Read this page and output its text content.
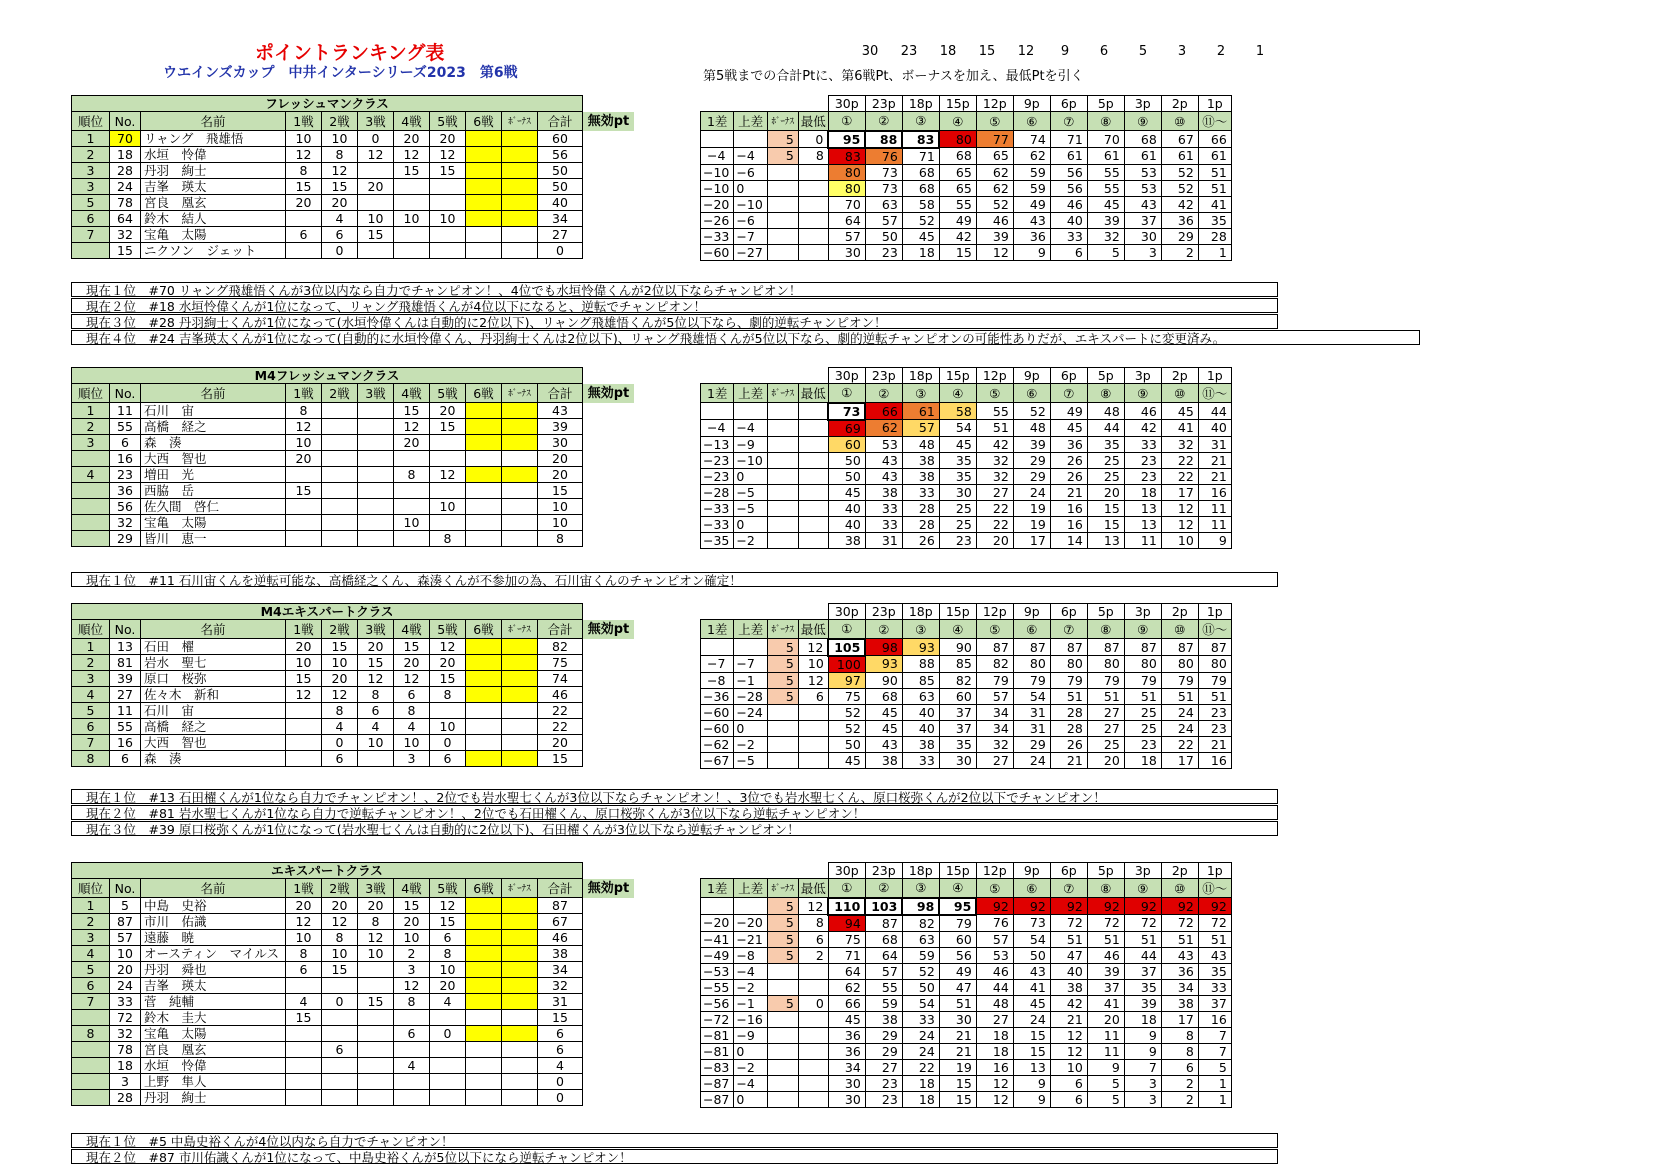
ポイントランキング表
ウエインズカップ　中井インターシリーズ2023　第6戦
30	23	18	15	12	9	6	5	3	2	1
第5戦までの合計Ptに、第6戦Pt、ボーナスを加え、最低Ptを引く
フレッシュマンクラス											
順位	No.	名前	1戦	2戦	3戦	4戦	5戦	6戦	ﾎﾞｰﾅｽ	合計	無効pt
1	70	リャング　飛雄悟	10	10	0	20	20			60	
2	18	水垣　怜偉	12	8	12	12	12			56	
3	28	丹羽　絢士	8	12		15	15			50	
3	24	吉峯　瑛太	15	15	20					50	
5	78	宮良　凰玄	20	20						40	
6	64	鈴木　結人		4	10	10	10			34	
7	32	宝亀　太陽	6	6	15					27	
	15	ニクソン　ジェット		0						0	
				30p	23p	18p	15p	12p	9p	6p	5p	3p	2p	1p
1差	上差	ﾎﾞｰﾅｽ	最低	①	②	③	④	⑤	⑥	⑦	⑧	⑨	⑩	⑪～
		5	0	95	88	83	80	77	74	71	70	68	67	66
−4	−4	5	8	83	76	71	68	65	62	61	61	61	61	61
−10	−6			80	73	68	65	62	59	56	55	53	52	51
−10	0			80	73	68	65	62	59	56	55	53	52	51
−20	−10			70	63	58	55	52	49	46	45	43	42	41
−26	−6			64	57	52	49	46	43	40	39	37	36	35
−33	−7			57	50	45	42	39	36	33	32	30	29	28
−60	−27			30	23	18	15	12	9	6	5	3	2	1
現在１位　#70 リャング飛雄悟くんが3位以内なら自力でチャンピオン！、4位でも水垣怜偉くんが2位以下ならチャンピオン！
現在２位　#18 水垣怜偉くんが1位になって、リャング飛雄悟くんが4位以下になると、逆転でチャンピオン！
現在３位　#28 丹羽絢士くんが1位になって(水垣怜偉くんは自動的に2位以下)、リャング飛雄悟くんが5位以下なら、劇的逆転チャンピオン！
現在４位　#24 吉峯瑛太くんが1位になって(自動的に水垣怜偉くん、丹羽絢士くんは2位以下)、リャング飛雄悟くんが5位以下なら、劇的逆転チャンピオンの可能性ありだが、エキスパートに変更済み。
M4フレッシュマンクラス											
順位	No.	名前	1戦	2戦	3戦	4戦	5戦	6戦	ﾎﾞｰﾅｽ	合計	無効pt
1	11	石川　宙	8			15	20			43	
2	55	高橋　経之	12			12	15			39	
3	6	森　湊	10			20				30	
	16	大西　智也	20							20	
4	23	増田　光				8	12			20	
	36	西脇　岳	15							15	
	56	佐久間　啓仁					10			10	
	32	宝亀　太陽				10				10	
	29	皆川　恵一					8			8	
				30p	23p	18p	15p	12p	9p	6p	5p	3p	2p	1p
1差	上差	ﾎﾞｰﾅｽ	最低	①	②	③	④	⑤	⑥	⑦	⑧	⑨	⑩	⑪～
				73	66	61	58	55	52	49	48	46	45	44
−4	−4			69	62	57	54	51	48	45	44	42	41	40
−13	−9			60	53	48	45	42	39	36	35	33	32	31
−23	−10			50	43	38	35	32	29	26	25	23	22	21
−23	0			50	43	38	35	32	29	26	25	23	22	21
−28	−5			45	38	33	30	27	24	21	20	18	17	16
−33	−5			40	33	28	25	22	19	16	15	13	12	11
−33	0			40	33	28	25	22	19	16	15	13	12	11
−35	−2			38	31	26	23	20	17	14	13	11	10	9
現在１位　#11 石川宙くんを逆転可能な、高橋経之くん、森湊くんが不参加の為、石川宙くんのチャンピオン確定！
M4エキスパートクラス											
順位	No.	名前	1戦	2戦	3戦	4戦	5戦	6戦	ﾎﾞｰﾅｽ	合計	無効pt
1	13	石田　櫂	20	15	20	15	12			82	
2	81	岩水　聖七	10	10	15	20	20			75	
3	39	原口　桜弥	15	20	12	12	15			74	
4	27	佐々木　新和	12	12	8	6	8			46	
5	11	石川　宙		8	6	8				22	
6	55	高橋　経之		4	4	4	10			22	
7	16	大西　智也		0	10	10	0			20	
8	6	森　湊		6		3	6			15	
				30p	23p	18p	15p	12p	9p	6p	5p	3p	2p	1p
1差	上差	ﾎﾞｰﾅｽ	最低	①	②	③	④	⑤	⑥	⑦	⑧	⑨	⑩	⑪～
		5	12	105	98	93	90	87	87	87	87	87	87	87
−7	−7	5	10	100	93	88	85	82	80	80	80	80	80	80
−8	−1	5	12	97	90	85	82	79	79	79	79	79	79	79
−36	−28	5	6	75	68	63	60	57	54	51	51	51	51	51
−60	−24			52	45	40	37	34	31	28	27	25	24	23
−60	0			52	45	40	37	34	31	28	27	25	24	23
−62	−2			50	43	38	35	32	29	26	25	23	22	21
−67	−5			45	38	33	30	27	24	21	20	18	17	16
現在１位　#13 石田櫂くんが1位なら自力でチャンピオン！、2位でも岩水聖七くんが3位以下ならチャンピオン！、3位でも岩水聖七くん、原口桜弥くんが2位以下でチャンピオン！
現在２位　#81 岩水聖七くんが1位なら自力で逆転チャンピオン！、2位でも石田櫂くん、原口桜弥くんが3位以下なら逆転チャンピオン！
現在３位　#39 原口桜弥くんが1位になって(岩水聖七くんは自動的に2位以下)、石田櫂くんが3位以下なら逆転チャンピオン！
エキスパートクラス											
順位	No.	名前	1戦	2戦	3戦	4戦	5戦	6戦	ﾎﾞｰﾅｽ	合計	無効pt
1	5	中島　史裕	20	20	20	15	12			87	
2	87	市川　佑識	12	12	8	20	15			67	
3	57	遠藤　暁	10	8	12	10	6			46	
4	10	オースティン　マイルス	8	10	10	2	8			38	
5	20	丹羽　舜也	6	15		3	10			34	
6	24	吉峯　瑛太				12	20			32	
7	33	菅　純輔	4	0	15	8	4			31	
	72	鈴木　圭大	15							15	
8	32	宝亀　太陽				6	0			6	
	78	宮良　凰玄		6						6	
	18	水垣　怜偉				4				4	
	3	上野　隼人								0	
	28	丹羽　絢士								0	
				30p	23p	18p	15p	12p	9p	6p	5p	3p	2p	1p
1差	上差	ﾎﾞｰﾅｽ	最低	①	②	③	④	⑤	⑥	⑦	⑧	⑨	⑩	⑪～
		5	12	110	103	98	95	92	92	92	92	92	92	92
−20	−20	5	8	94	87	82	79	76	73	72	72	72	72	72
−41	−21	5	6	75	68	63	60	57	54	51	51	51	51	51
−49	−8	5	2	71	64	59	56	53	50	47	46	44	43	43
−53	−4			64	57	52	49	46	43	40	39	37	36	35
−55	−2			62	55	50	47	44	41	38	37	35	34	33
−56	−1	5	0	66	59	54	51	48	45	42	41	39	38	37
−72	−16			45	38	33	30	27	24	21	20	18	17	16
−81	−9			36	29	24	21	18	15	12	11	9	8	7
−81	0			36	29	24	21	18	15	12	11	9	8	7
−83	−2			34	27	22	19	16	13	10	9	7	6	5
−87	−4			30	23	18	15	12	9	6	5	3	2	1
−87	0			30	23	18	15	12	9	6	5	3	2	1
現在１位　#5 中島史裕くんが4位以内なら自力でチャンピオン！
現在２位　#87 市川佑識くんが1位になって、中島史裕くんが5位以下になら逆転チャンピオン！
